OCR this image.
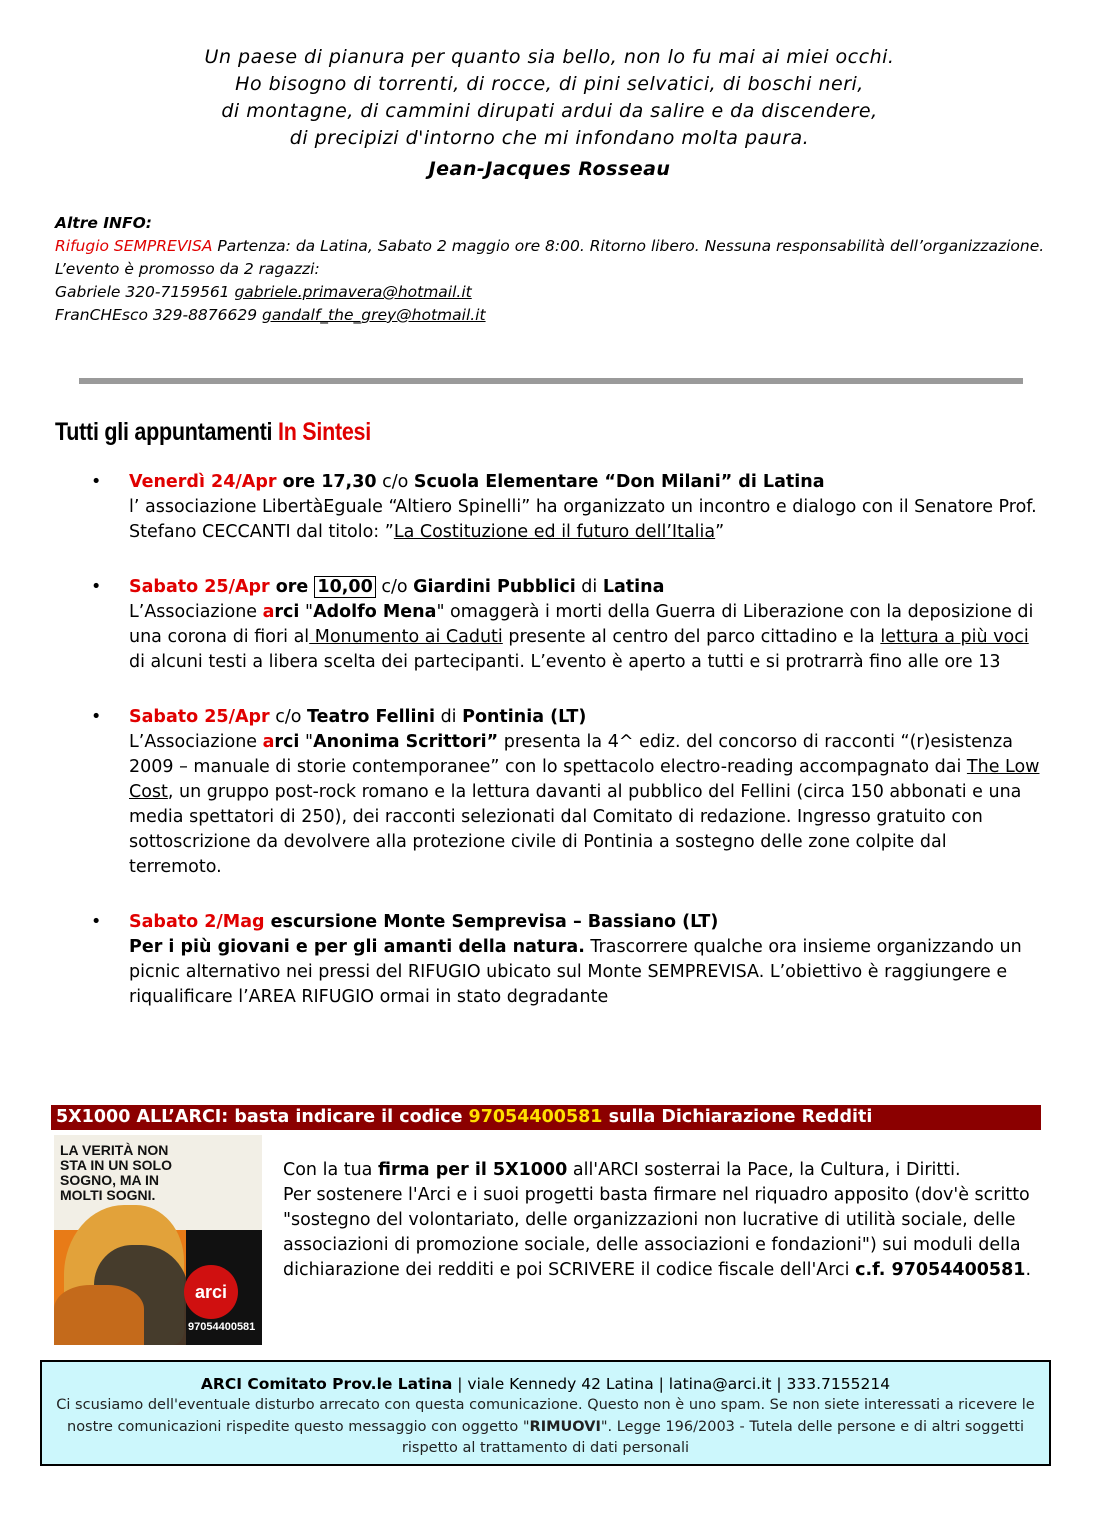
Un paese di pianura per quanto sia bello, non lo fu mai ai miei occhi.
Ho bisogno di torrenti, di rocce, di pini selvatici, di boschi neri,
di montagne, di cammini dirupati ardui da salire e da discendere,
di precipizi d'intorno che mi infondano molta paura.
Jean-Jacques Rosseau
Altre INFO:
Rifugio SEMPREVISA Partenza: da Latina, Sabato 2 maggio ore 8:00. Ritorno libero. Nessuna responsabilità dell’organizzazione. L’evento è promosso da 2 ragazzi:
Gabriele 320-7159561 gabriele.primavera@hotmail.it
FranCHEsco 329-8876629 gandalf_the_grey@hotmail.it
Tutti gli appuntamenti In Sintesi
• Venerdì 24/Apr ore 17,30 c/o Scuola Elementare “Don Milani” di Latina
l’ associazione LibertàEguale “Altiero Spinelli” ha organizzato un incontro e dialogo con il Senatore Prof. Stefano CECCANTI dal titolo: ”La Costituzione ed il futuro dell’Italia”
• Sabato 25/Apr ore 10,00 c/o Giardini Pubblici di Latina
L’Associazione arci "Adolfo Mena" omaggerà i morti della Guerra di Liberazione con la deposizione di una corona di fiori al Monumento ai Caduti presente al centro del parco cittadino e la lettura a più voci di alcuni testi a libera scelta dei partecipanti. L’evento è aperto a tutti e si protrarrà fino alle ore 13
• Sabato 25/Apr c/o Teatro Fellini di Pontinia (LT)
L’Associazione arci "Anonima Scrittori” presenta la 4^ ediz. del concorso di racconti “(r)esistenza 2009 – manuale di storie contemporanee” con lo spettacolo electro-reading accompagnato dai The Low Cost, un gruppo post-rock romano e la lettura davanti al pubblico del Fellini (circa 150 abbonati e una media spettatori di 250), dei racconti selezionati dal Comitato di redazione. Ingresso gratuito con sottoscrizione da devolvere alla protezione civile di Pontinia a sostegno delle zone colpite dal terremoto.
• Sabato 2/Mag escursione Monte Semprevisa – Bassiano (LT)
Per i più giovani e per gli amanti della natura. Trascorrere qualche ora insieme organizzando un picnic alternativo nei pressi del RIFUGIO ubicato sul Monte SEMPREVISA. L’obiettivo è raggiungere e riqualificare l’AREA RIFUGIO ormai in stato degradante
5X1000 ALL’ARCI: basta indicare il codice 97054400581 sulla Dichiarazione Redditi
LA VERITÀ NON STA IN UN SOLO SOGNO, MA IN MOLTI SOGNI.
arci
97054400581
Con la tua firma per il 5X1000 all'ARCI sosterrai la Pace, la Cultura, i Diritti.
Per sostenere l'Arci e i suoi progetti basta firmare nel riquadro apposito (dov'è scritto "sostegno del volontariato, delle organizzazioni non lucrative di utilità sociale, delle associazioni di promozione sociale, delle associazioni e fondazioni") sui moduli della dichiarazione dei redditi e poi SCRIVERE il codice fiscale dell'Arci c.f. 97054400581.
ARCI Comitato Prov.le Latina | viale Kennedy 42 Latina | latina@arci.it | 333.7155214
Ci scusiamo dell'eventuale disturbo arrecato con questa comunicazione. Questo non è uno spam. Se non siete interessati a ricevere le nostre comunicazioni rispedite questo messaggio con oggetto "RIMUOVI". Legge 196/2003 - Tutela delle persone e di altri soggetti rispetto al trattamento di dati personali
